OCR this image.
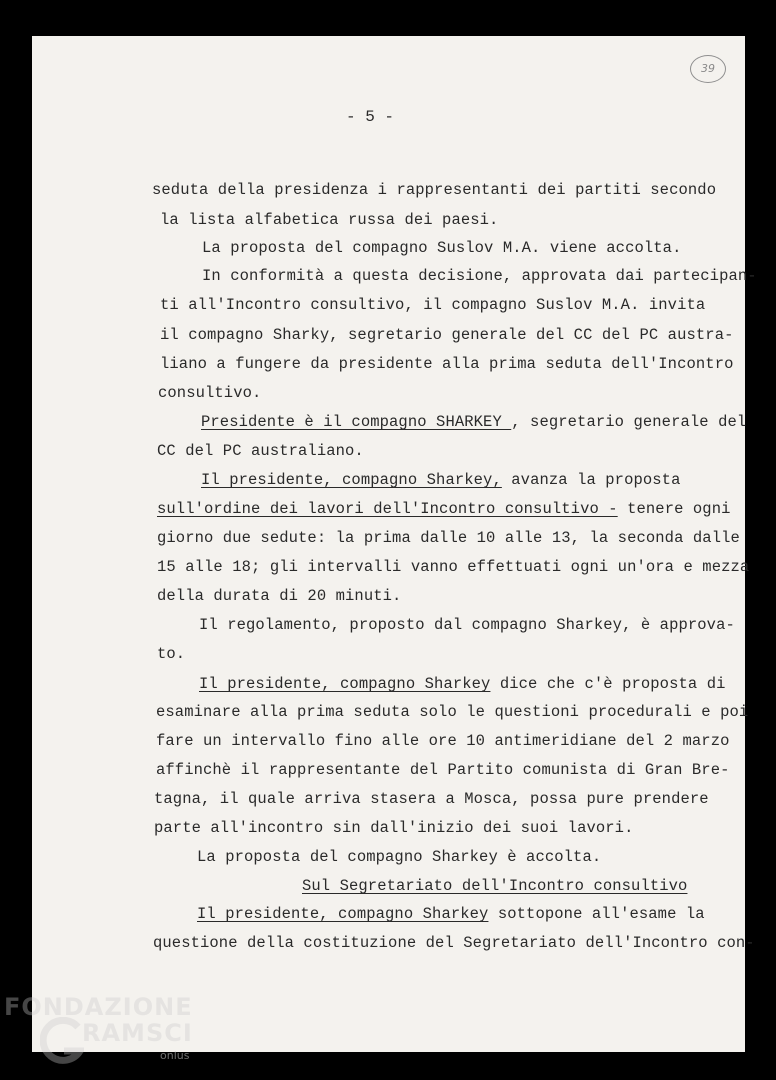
39
- 5 -
seduta della presidenza i rappresentanti dei partiti secondo
la lista alfabetica russa dei paesi.
La proposta del compagno Suslov M.A. viene accolta.
In conformità a questa decisione, approvata dai partecipan-
ti all'Incontro consultivo, il compagno Suslov M.A. invita
il compagno Sharky, segretario generale del CC del PC austra-
liano a fungere da presidente alla prima seduta dell'Incontro
consultivo.
Presidente è il compagno SHARKEY , segretario generale del
CC del PC australiano.
Il presidente, compagno Sharkey, avanza la proposta
sull'ordine dei lavori dell'Incontro consultivo - tenere ogni
giorno due sedute: la prima dalle 10 alle 13, la seconda dalle
15 alle 18; gli intervalli vanno effettuati ogni un'ora e mezza
della durata di 20 minuti.
Il regolamento, proposto dal compagno Sharkey, è approva-
to.
Il presidente, compagno Sharkey dice che c'è proposta di
esaminare alla prima seduta solo le questioni procedurali e poi
fare un intervallo fino alle ore 10 antimeridiane del 2 marzo
affinchè il rappresentante del Partito comunista di Gran Bre-
tagna, il quale arriva stasera a Mosca, possa pure prendere
parte all'incontro sin dall'inizio dei suoi lavori.
La proposta del compagno Sharkey è accolta.
Sul Segretariato dell'Incontro consultivo
Il presidente, compagno Sharkey sottopone all'esame la
questione della costituzione del Segretariato dell'Incontro con-
FONDAZIONE
RAMSCI
onlus
